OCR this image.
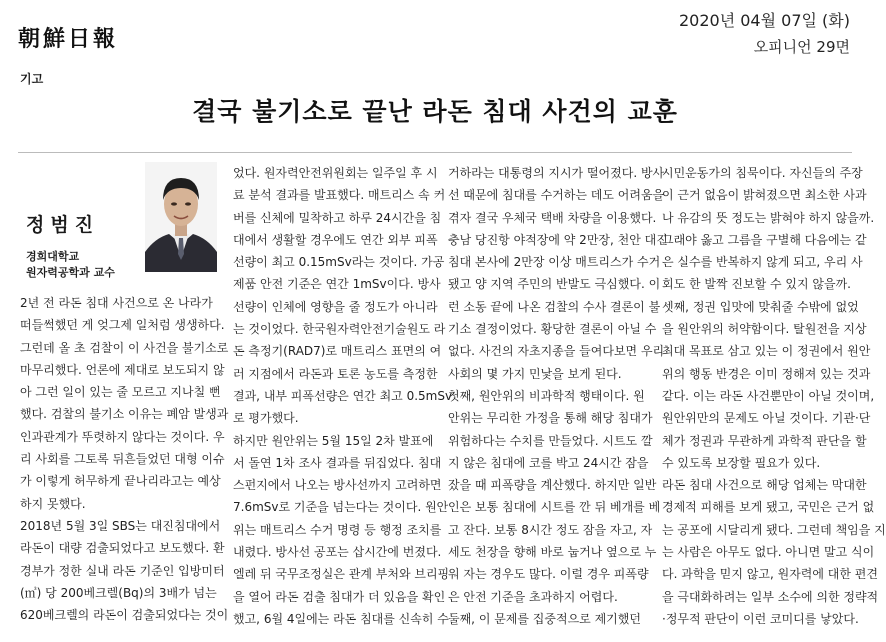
朝鮮日報
기고
2020년 04월 07일 (화)
오피니언 29면
결국 불기소로 끝난 라돈 침대 사건의 교훈
정범진
경희대학교
원자력공학과 교수

2년 전 라돈 침대 사건으로 온 나라가

떠들썩했던 게 엊그제 일처럼 생생하다.

그런데 올 초 검찰이 이 사건을 불기소로

마무리했다. 언론에 제대로 보도되지 않

아 그런 일이 있는 줄 모르고 지나칠 뻔

했다. 검찰의 불기소 이유는 폐암 발생과

인과관계가 뚜렷하지 않다는 것이다. 우

리 사회를 그토록 뒤흔들었던 대형 이슈

가 이렇게 허무하게 끝나리라고는 예상

하지 못했다.

2018년 5월 3일 SBS는 대진침대에서

라돈이 대량 검출되었다고 보도했다. 환

경부가 정한 실내 라돈 기준인 입방미터

(㎥) 당 200베크렐(Bq)의 3배가 넘는

620베크렐의 라돈이 검출되었다는 것이

었다. 원자력안전위원회는 일주일 후 시

료 분석 결과를 발표했다. 매트리스 속 커

버를 신체에 밀착하고 하루 24시간을 침

대에서 생활할 경우에도 연간 외부 피폭

선량이 최고 0.15mSv라는 것이다. 가공

제품 안전 기준은 연간 1mSv이다. 방사

선량이 인체에 영향을 줄 정도가 아니라

는 것이었다. 한국원자력안전기술원도 라

돈 측정기(RAD7)로 매트리스 표면의 여

러 지점에서 라돈과 토론 농도를 측정한

결과, 내부 피폭선량은 연간 최고 0.5mSv

로 평가했다.

하지만 원안위는 5월 15일 2차 발표에

서 돌연 1차 조사 결과를 뒤집었다. 침대

스펀지에서 나오는 방사선까지 고려하면

7.6mSv로 기준을 넘는다는 것이다. 원안

위는 매트리스 수거 명령 등 행정 조치를

내렸다. 방사선 공포는 삽시간에 번졌다.

엘레 뒤 국무조정실은 관계 부처와 브리핑

을 열어 라돈 검출 침대가 더 있음을 확인

했고, 6월 4일에는 라돈 침대를 신속히 수

거하라는 대통령의 지시가 떨어졌다. 방사

선 때문에 침대를 수거하는 데도 어려움을

겪자 결국 우체국 택배 차량을 이용했다.

충남 당진항 야적장에 약 2만장, 천안 대진

침대 본사에 2만장 이상 매트리스가 수거

됐고 양 지역 주민의 반발도 극심했다. 이

런 소동 끝에 나온 검찰의 수사 결론이 불

기소 결정이었다. 황당한 결론이 아닐 수

없다. 사건의 자초지종을 들여다보면 우리

사회의 몇 가지 민낯을 보게 된다.

첫째, 원안위의 비과학적 행태이다. 원

안위는 무리한 가정을 통해 해당 침대가

위험하다는 수치를 만들었다. 시트도 깔

지 않은 침대에 코를 박고 24시간 잠을

잤을 때 피폭량을 계산했다. 하지만 일반

인은 보통 침대에 시트를 깐 뒤 베개를 베

고 잔다. 보통 8시간 정도 잠을 자고, 자

세도 천장을 향해 바로 눕거나 옆으로 누

워 자는 경우도 많다. 이럴 경우 피폭량

은 안전 기준을 초과하지 어렵다.

둘째, 이 문제를 집중적으로 제기했던

시민운동가의 침묵이다. 자신들의 주장

이 근거 없음이 밝혀졌으면 최소한 사과

나 유감의 뜻 정도는 밝혀야 하지 않을까.

그래야 옳고 그름을 구별해 다음에는 같

은 실수를 반복하지 않게 되고, 우리 사

회도 한 발짝 진보할 수 있지 않을까.

셋째, 정권 입맛에 맞춰줄 수밖에 없었

을 원안위의 허약함이다. 탈원전을 지상

최대 목표로 삼고 있는 이 정권에서 원안

위의 행동 반경은 이미 정해져 있는 것과

같다. 이는 라돈 사건뿐만이 아닐 것이며,

원안위만의 문제도 아닐 것이다. 기관·단

체가 정권과 무관하게 과학적 판단을 할

수 있도록 보장할 필요가 있다.

라돈 침대 사건으로 해당 업체는 막대한

경제적 피해를 보게 됐고, 국민은 근거 없

는 공포에 시달리게 됐다. 그런데 책임을 지

는 사람은 아무도 없다. 아니면 말고 식이

다. 과학을 믿지 않고, 원자력에 대한 편견

을 극대화하려는 일부 소수에 의한 정략적

·정무적 판단이 이런 코미디를 낳았다.
